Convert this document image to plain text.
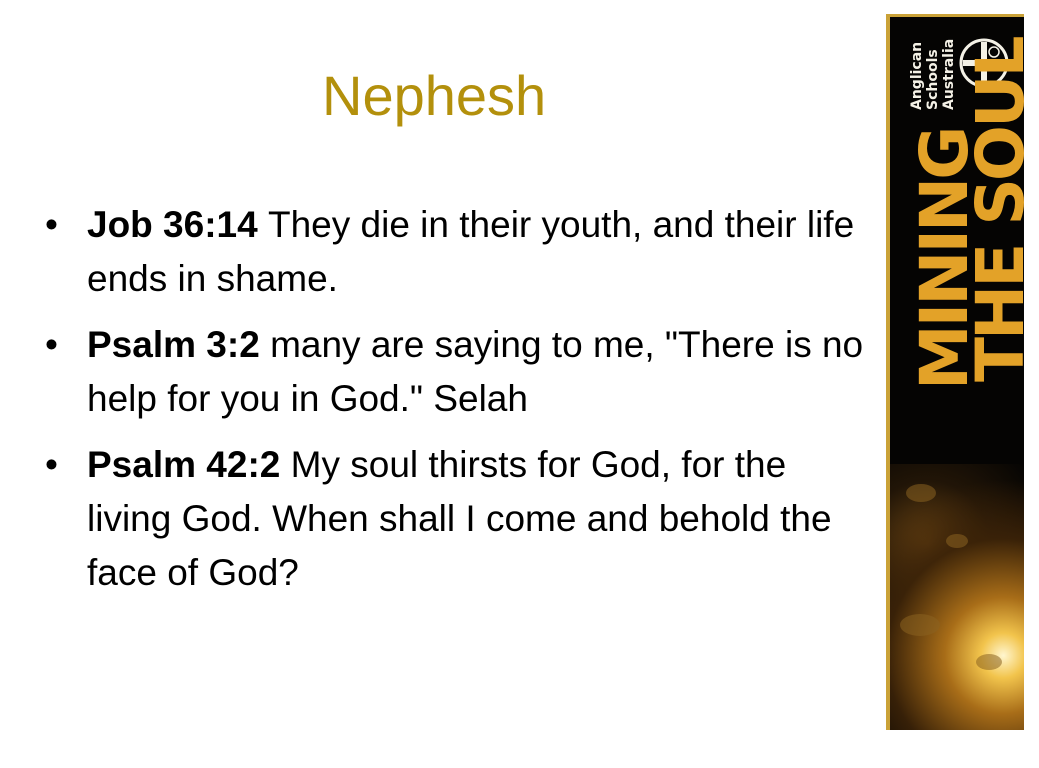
Nephesh
• Job 36:14 They die in their youth, and their life ends in shame.
• Psalm 3:2 many are saying to me, "There is no help for you in God." Selah
• Psalm 42:2 My soul thirsts for God, for the living God. When shall I come and behold the face of God?
Anglican Schools Australia
MINING
THE SOUL
